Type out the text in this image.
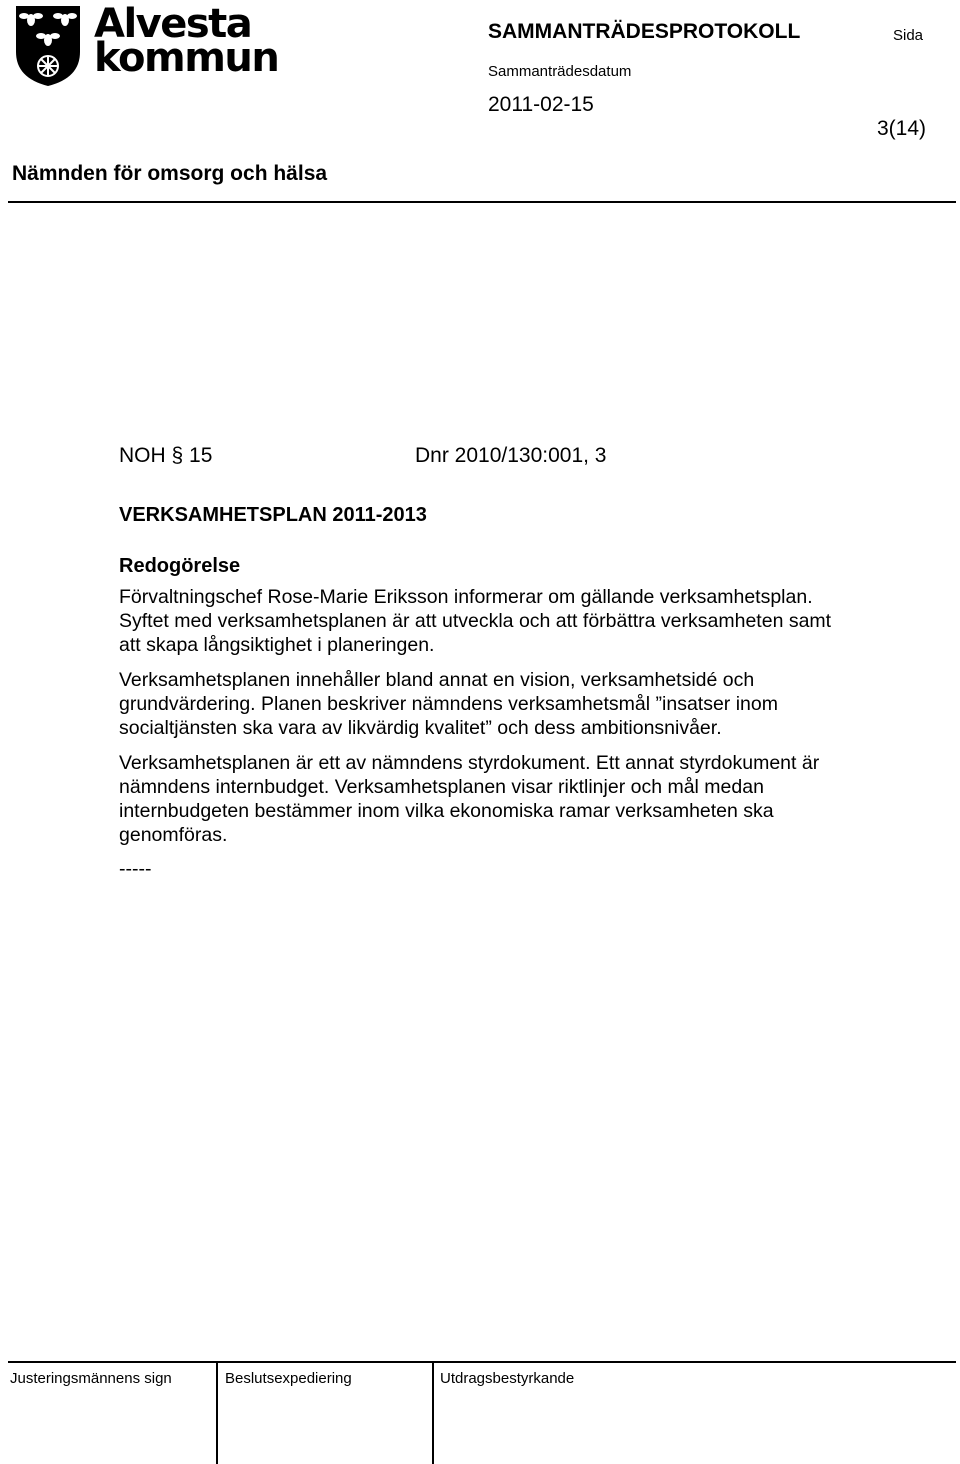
Alvesta
kommun
SAMMANTRÄDESPROTOKOLL	Sida
Sammanträdesdatum
2011-02-15
3(14)
Nämnden för omsorg och hälsa
NOH § 15	Dnr 2010/130:001, 3
VERKSAMHETSPLAN 2011-2013
Redogörelse

Förvaltningschef Rose-Marie Eriksson informerar om gällande verksamhetsplan.
Syftet med verksamhetsplanen är att utveckla och att förbättra verksamheten samt
att skapa långsiktighet i planeringen.

Verksamhetsplanen innehåller bland annat en vision, verksamhetsidé och
grundvärdering. Planen beskriver nämndens verksamhetsmål ”insatser inom
socialtjänsten ska vara av likvärdig kvalitet” och dess ambitionsnivåer.

Verksamhetsplanen är ett av nämndens styrdokument. Ett annat styrdokument är
nämndens internbudget. Verksamhetsplanen visar riktlinjer och mål medan
internbudgeten bestämmer inom vilka ekonomiska ramar verksamheten ska
genomföras.

-----
Justeringsmännens sign	Beslutsexpediering	Utdragsbestyrkande
